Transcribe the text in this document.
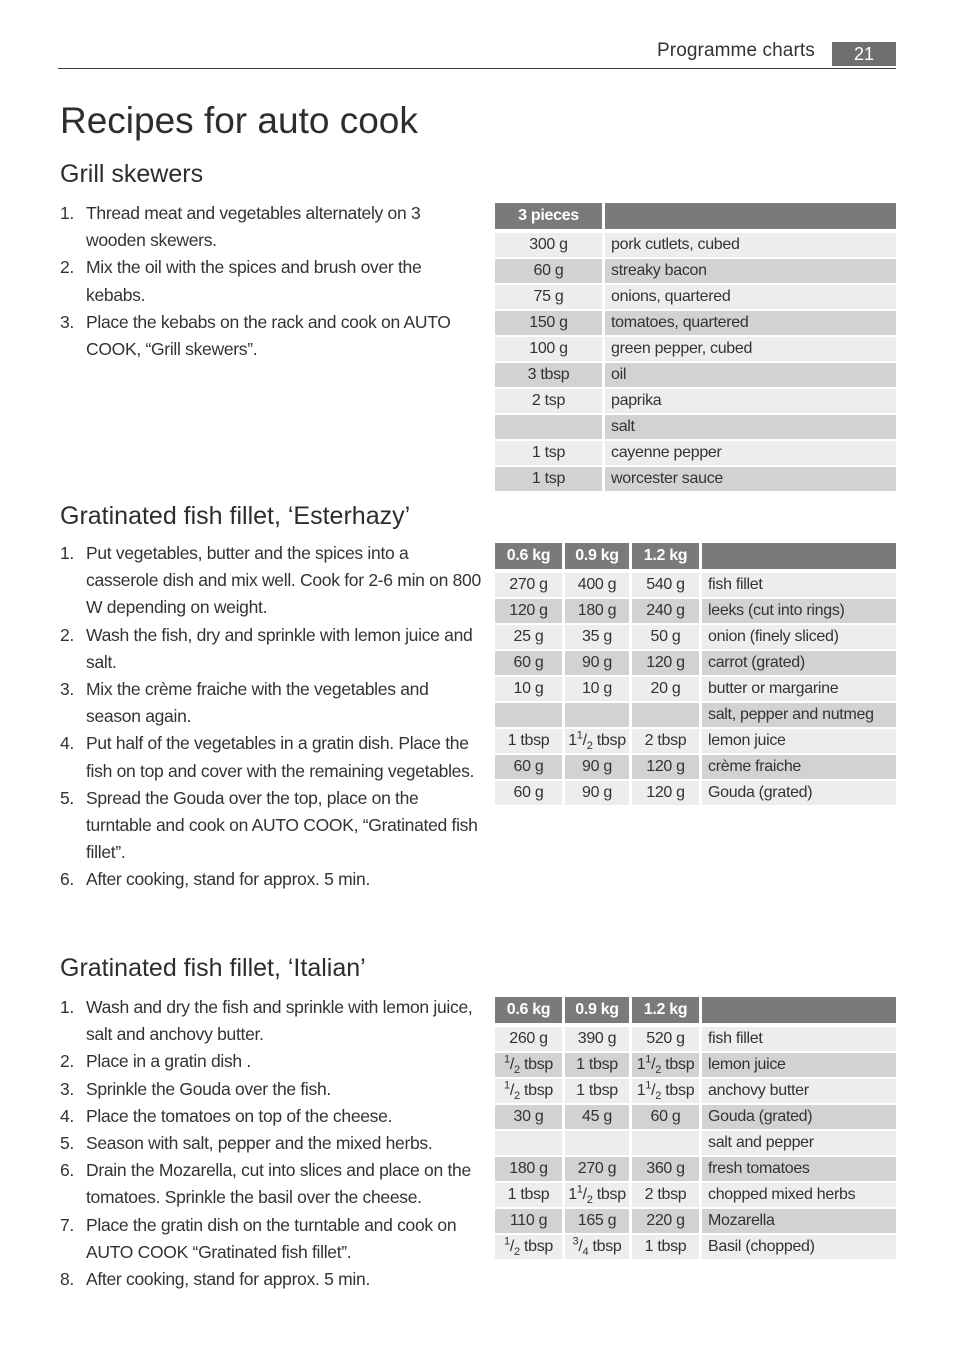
Programme charts	21
Recipes for auto cook
Grill skewers
1. Thread meat and vegetables alternately on 3 wooden skewers.
2. Mix the oil with the spices and brush over the kebabs.
3. Place the kebabs on the rack and cook on AUTO COOK, “Grill skewers”.
3 pieces	
300 g	pork cutlets, cubed
60 g	streaky bacon
75 g	onions, quartered
150 g	tomatoes, quartered
100 g	green pepper, cubed
3 tbsp	oil
2 tsp	paprika
	salt
1 tsp	cayenne pepper
1 tsp	worcester sauce
Gratinated fish fillet, ‘Esterhazy’
1. Put vegetables, butter and the spices into a casserole dish and mix well. Cook for 2-6 min on 800 W depending on weight.
2. Wash the fish, dry and sprinkle with lemon juice and salt.
3. Mix the crème fraiche with the vegetables and season again.
4. Put half of the vegetables in a gratin dish. Place the fish on top and cover with the remaining vegetables.
5. Spread the Gouda over the top, place on the turntable and cook on AUTO COOK, “Gratinated fish fillet”.
6. After cooking, stand for approx. 5 min.
0.6 kg	0.9 kg	1.2 kg	
270 g	400 g	540 g	fish fillet
120 g	180 g	240 g	leeks (cut into rings)
25 g	35 g	50 g	onion (finely sliced)
60 g	90 g	120 g	carrot (grated)
10 g	10 g	20 g	butter or margarine
			salt, pepper and nutmeg
1 tbsp	$1^1/_2$ tbsp	2 tbsp	lemon juice
60 g	90 g	120 g	crème fraiche
60 g	90 g	120 g	Gouda (grated)
Gratinated fish fillet, ‘Italian’
1. Wash and dry the fish and sprinkle with lemon juice, salt and anchovy butter.
2. Place in a gratin dish .
3. Sprinkle the Gouda over the fish.
4. Place the tomatoes on top of the cheese.
5. Season with salt, pepper and the mixed herbs.
6. Drain the Mozarella, cut into slices and place on the tomatoes. Sprinkle the basil over the cheese.
7. Place the gratin dish on the turntable and cook on AUTO COOK “Gratinated fish fillet”.
8. After cooking, stand for approx. 5 min.
0.6 kg	0.9 kg	1.2 kg	
260 g	390 g	520 g	fish fillet
$^1/_2$ tbsp	1 tbsp	$1^1/_2$ tbsp	lemon juice
$^1/_2$ tbsp	1 tbsp	$1^1/_2$ tbsp	anchovy butter
30 g	45 g	60 g	Gouda (grated)
			salt and pepper
180 g	270 g	360 g	fresh tomatoes
1 tbsp	$1^1/_2$ tbsp	2 tbsp	chopped mixed herbs
110 g	165 g	220 g	Mozarella
$^1/_2$ tbsp	$^3/_4$ tbsp	1 tbsp	Basil (chopped)
